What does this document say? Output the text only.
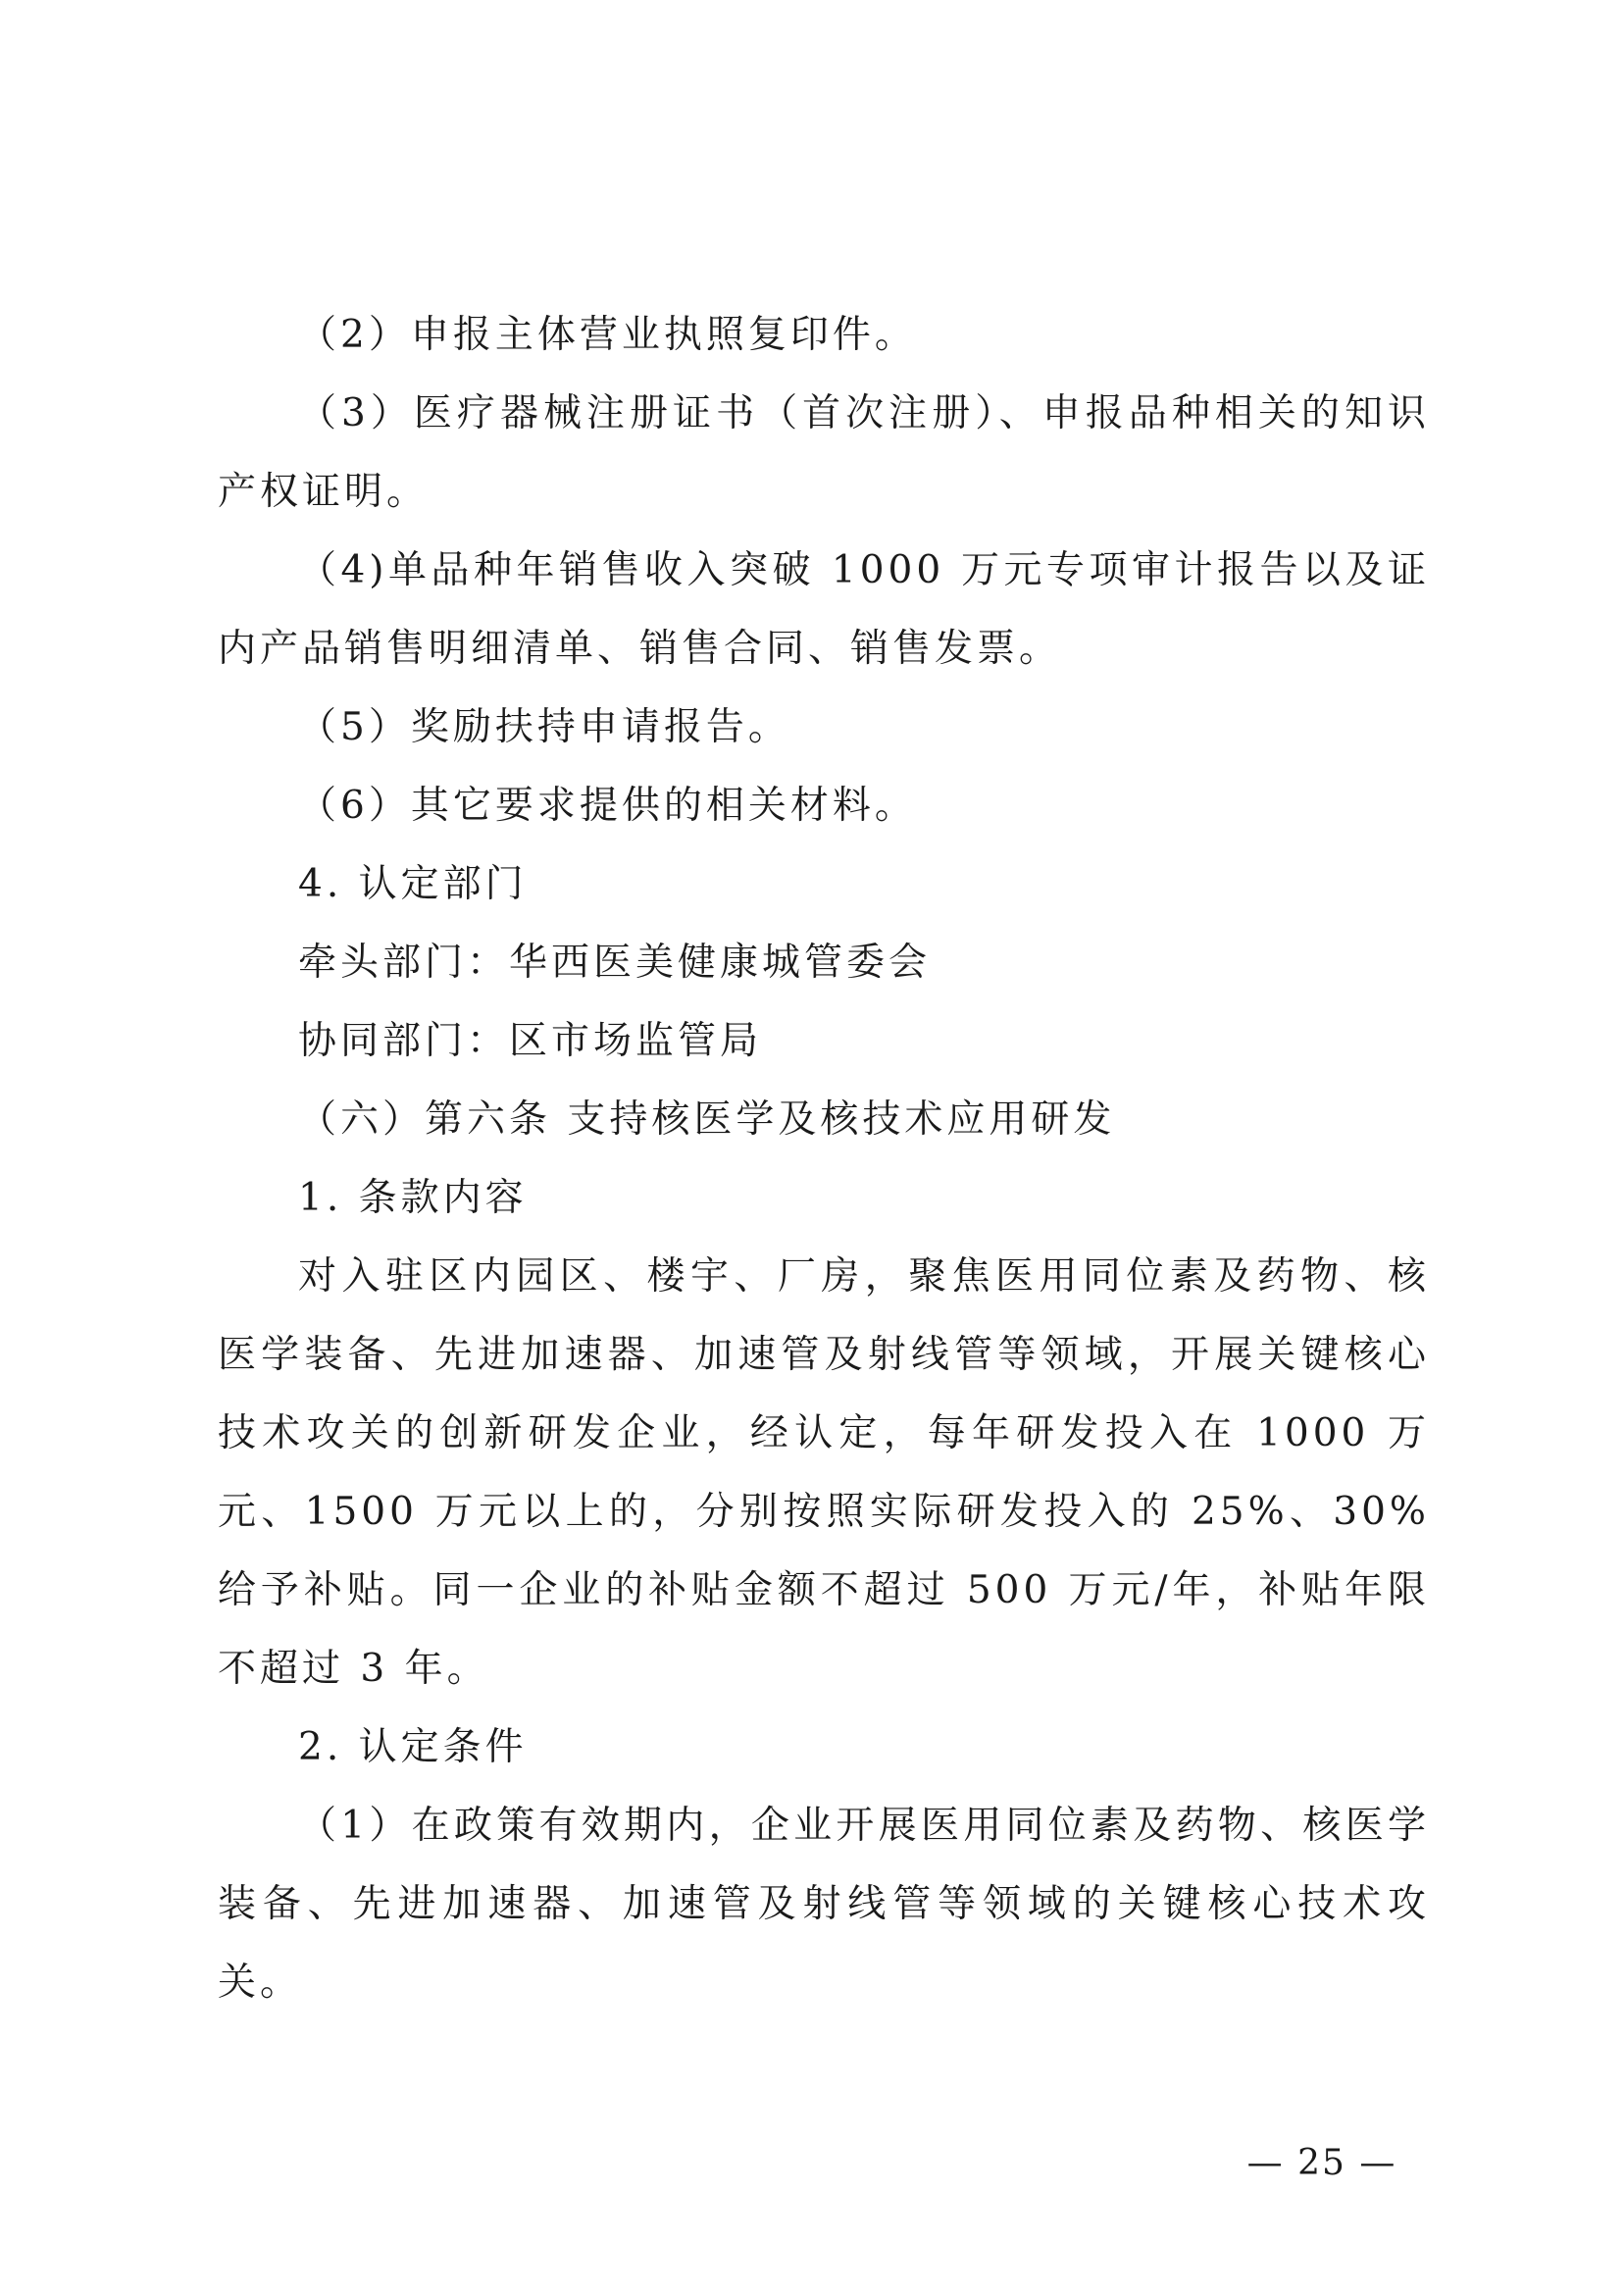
（2）申报主体营业执照复印件。

（3）医疗器械注册证书（首次注册）、申报品种相关的知识产权证明。

（4)单品种年销售收入突破 1000 万元专项审计报告以及证内产品销售明细清单、销售合同、销售发票。

（5）奖励扶持申请报告。

（6）其它要求提供的相关材料。

4. 认定部门

牵头部门：华西医美健康城管委会

协同部门：区市场监管局

（六）第六条 支持核医学及核技术应用研发

1. 条款内容

对入驻区内园区、楼宇、厂房，聚焦医用同位素及药物、核医学装备、先进加速器、加速管及射线管等领域，开展关键核心技术攻关的创新研发企业，经认定，每年研发投入在 1000 万元、1500 万元以上的，分别按照实际研发投入的 25%、30%给予补贴。同一企业的补贴金额不超过 500 万元/年，补贴年限不超过 3 年。

2. 认定条件

（1）在政策有效期内，企业开展医用同位素及药物、核医学装备、先进加速器、加速管及射线管等领域的关键核心技术攻关。

— 25 —
